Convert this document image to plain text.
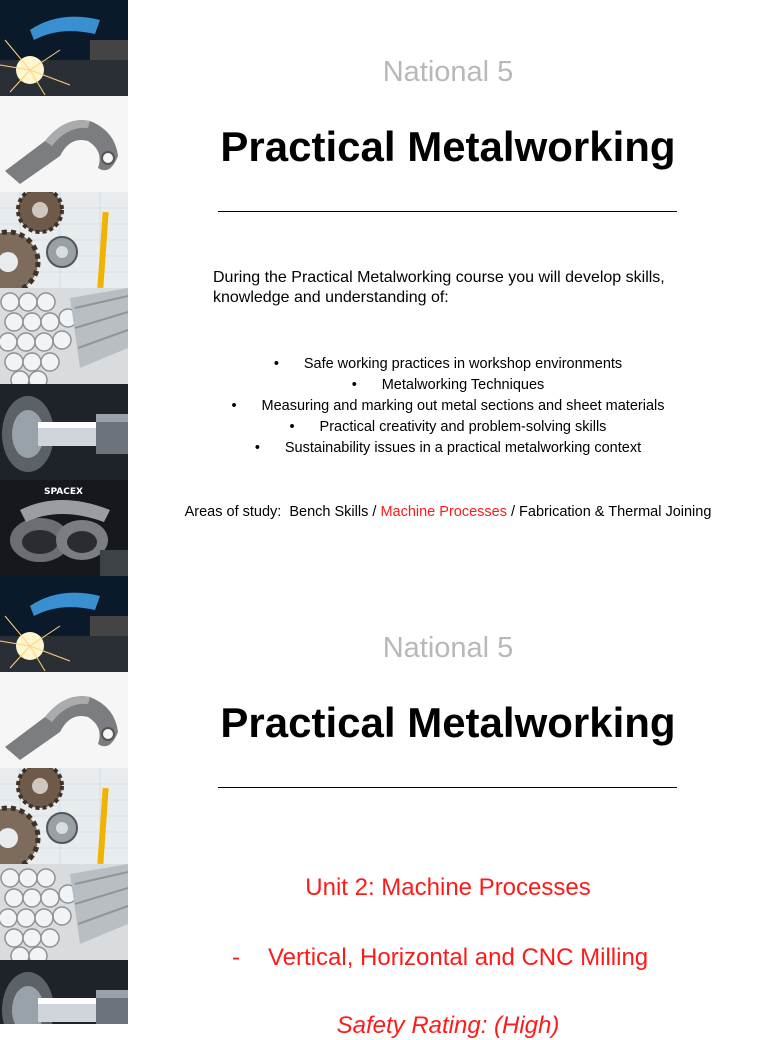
SPACEX
National 5
Practical Metalworking
During the Practical Metalworking course you will develop skills, knowledge and understanding of:
• Safe working practices in workshop environments
• Metalworking Techniques
• Measuring and marking out metal sections and sheet materials
• Practical creativity and problem-solving skills
• Sustainability issues in a practical metalworking context
Areas of study:  Bench Skills / Machine Processes / Fabrication & Thermal Joining
National 5
Practical Metalworking
Unit 2: Machine Processes
- Vertical, Horizontal and CNC Milling
Safety Rating: (High)
